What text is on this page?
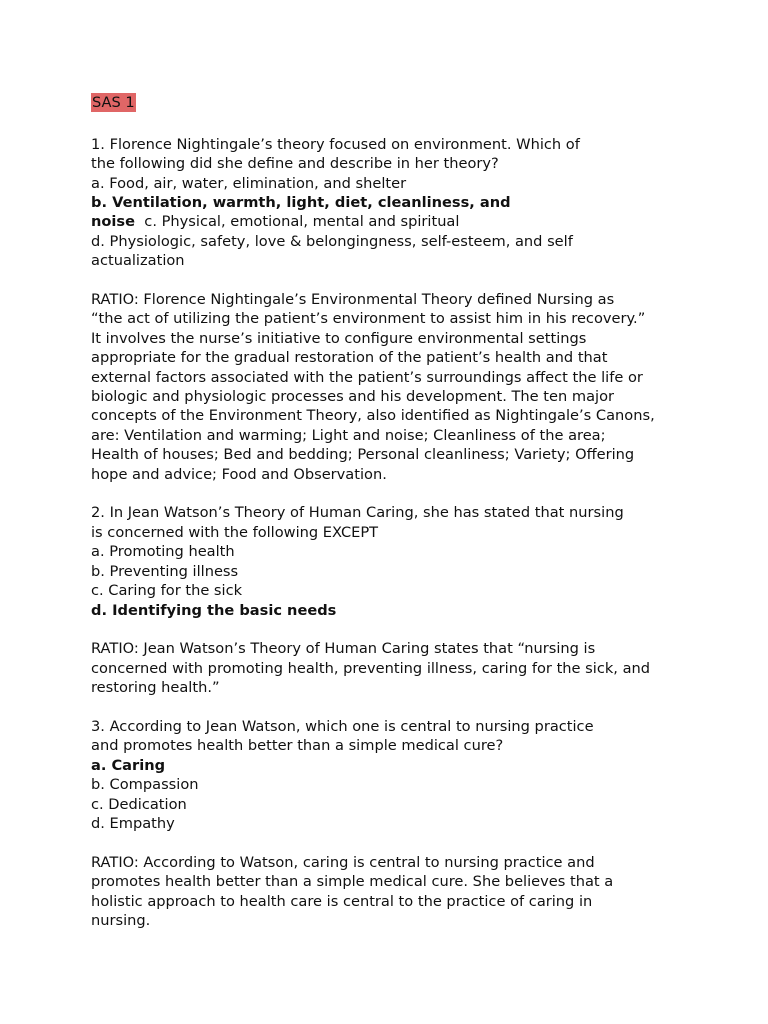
SAS 1
1. Florence Nightingale’s theory focused on environment. Which of
the following did she define and describe in her theory?
a. Food, air, water, elimination, and shelter
b. Ventilation, warmth, light, diet, cleanliness, and
noise  c. Physical, emotional, mental and spiritual
d. Physiologic, safety, love & belongingness, self-esteem, and self
actualization
RATIO: Florence Nightingale’s Environmental Theory defined Nursing as
“the act of utilizing the patient’s environment to assist him in his recovery.”
It involves the nurse’s initiative to configure environmental settings
appropriate for the gradual restoration of the patient’s health and that
external factors associated with the patient’s surroundings affect the life or
biologic and physiologic processes and his development. The ten major
concepts of the Environment Theory, also identified as Nightingale’s Canons,
are: Ventilation and warming; Light and noise; Cleanliness of the area;
Health of houses; Bed and bedding; Personal cleanliness; Variety; Offering
hope and advice; Food and Observation.
2. In Jean Watson’s Theory of Human Caring, she has stated that nursing
is concerned with the following EXCEPT
a. Promoting health
b. Preventing illness
c. Caring for the sick
d. Identifying the basic needs
RATIO: Jean Watson’s Theory of Human Caring states that “nursing is
concerned with promoting health, preventing illness, caring for the sick, and
restoring health.”
3. According to Jean Watson, which one is central to nursing practice
and promotes health better than a simple medical cure?
a. Caring
b. Compassion
c. Dedication
d. Empathy
RATIO: According to Watson, caring is central to nursing practice and
promotes health better than a simple medical cure. She believes that a
holistic approach to health care is central to the practice of caring in
nursing.
